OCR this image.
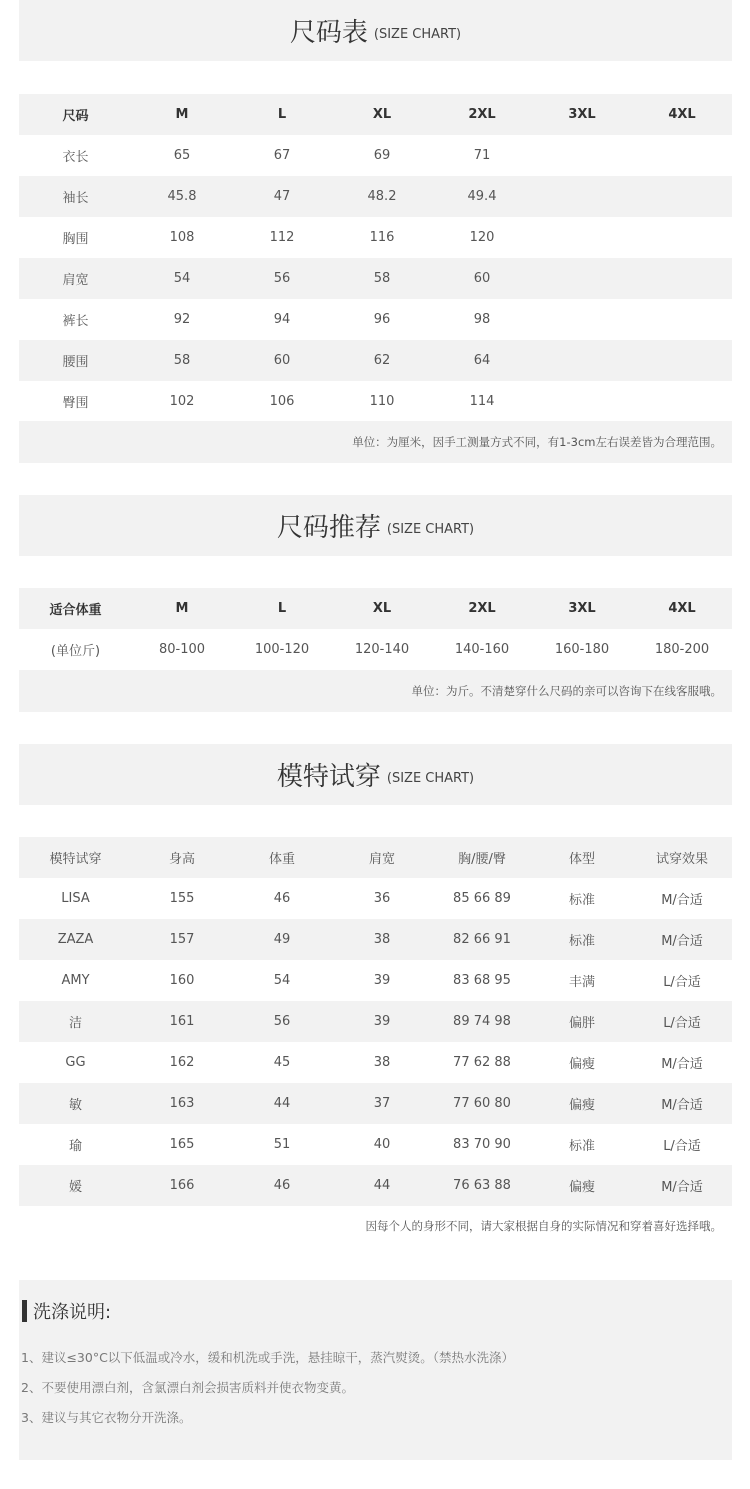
尺码表 (SIZE CHART)
尺码	M	L	XL	2XL	3XL	4XL
衣长	65	67	69	71		
袖长	45.8	47	48.2	49.4		
胸围	108	112	116	120		
肩宽	54	56	58	60		
裤长	92	94	96	98		
腰围	58	60	62	64		
臀围	102	106	110	114		
单位：为厘米，因手工测量方式不同，有1-3cm左右误差皆为合理范围。
尺码推荐 (SIZE CHART)
适合体重	M	L	XL	2XL	3XL	4XL
(单位斤)	80-100	100-120	120-140	140-160	160-180	180-200
单位：为斤。不清楚穿什么尺码的亲可以咨询下在线客服哦。
模特试穿 (SIZE CHART)
模特试穿	身高	体重	肩宽	胸/腰/臀	体型	试穿效果
LISA	155	46	36	85 66 89	标准	M/合适
ZAZA	157	49	38	82 66 91	标准	M/合适
AMY	160	54	39	83 68 95	丰满	L/合适
洁	161	56	39	89 74 98	偏胖	L/合适
GG	162	45	38	77 62 88	偏瘦	M/合适
敏	163	44	37	77 60 80	偏瘦	M/合适
瑜	165	51	40	83 70 90	标准	L/合适
媛	166	46	44	76 63 88	偏瘦	M/合适
因每个人的身形不同，请大家根据自身的实际情况和穿着喜好选择哦。
洗涤说明:
1、建议≤30°C以下低温或冷水，缓和机洗或手洗，悬挂晾干，蒸汽熨烫。（禁热水洗涤）
2、不要使用漂白剂，含氯漂白剂会损害质料并使衣物变黄。
3、建议与其它衣物分开洗涤。
